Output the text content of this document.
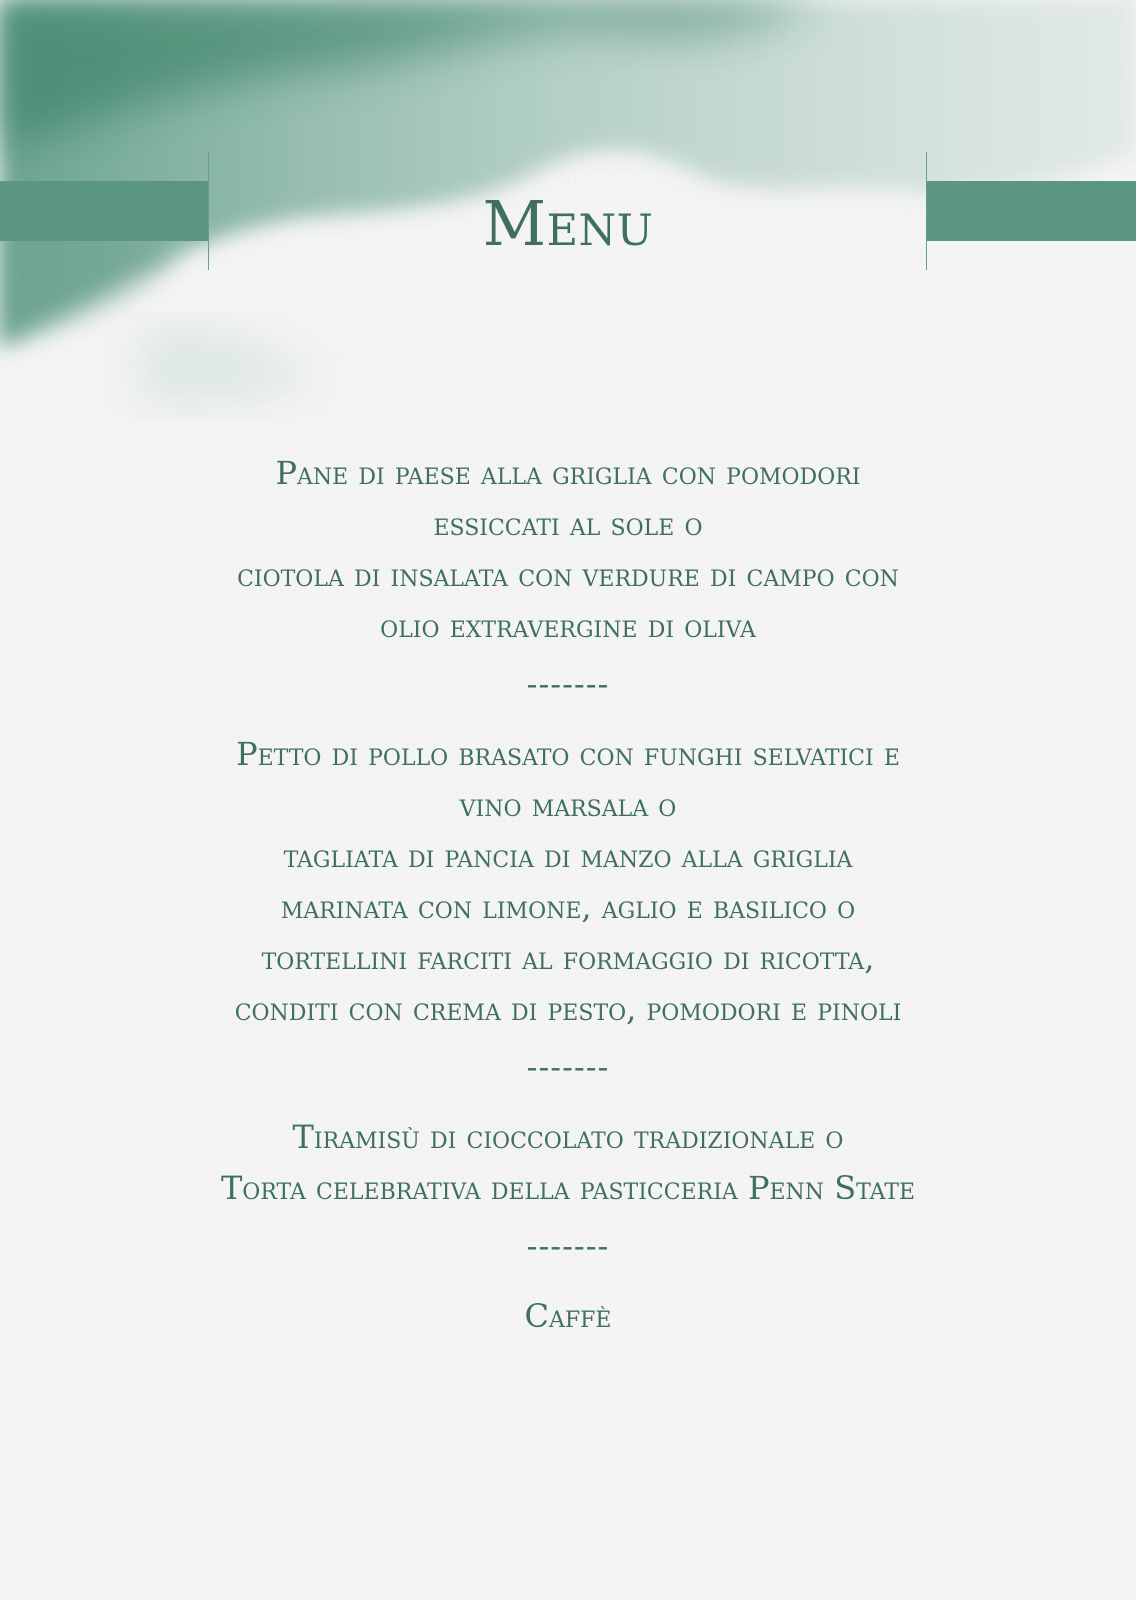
Menu
Pane di paese alla griglia con pomodori
essiccati al sole o
ciotola di insalata con verdure di campo con
olio extravergine di oliva
-------
Petto di pollo brasato con funghi selvatici e
vino marsala o
tagliata di pancia di manzo alla griglia
marinata con limone, aglio e basilico o
tortellini farciti al formaggio di ricotta,
conditi con crema di pesto, pomodori e pinoli
-------
Tiramisù di cioccolato tradizionale o
Torta celebrativa della pasticceria Penn State
-------
Caffè
